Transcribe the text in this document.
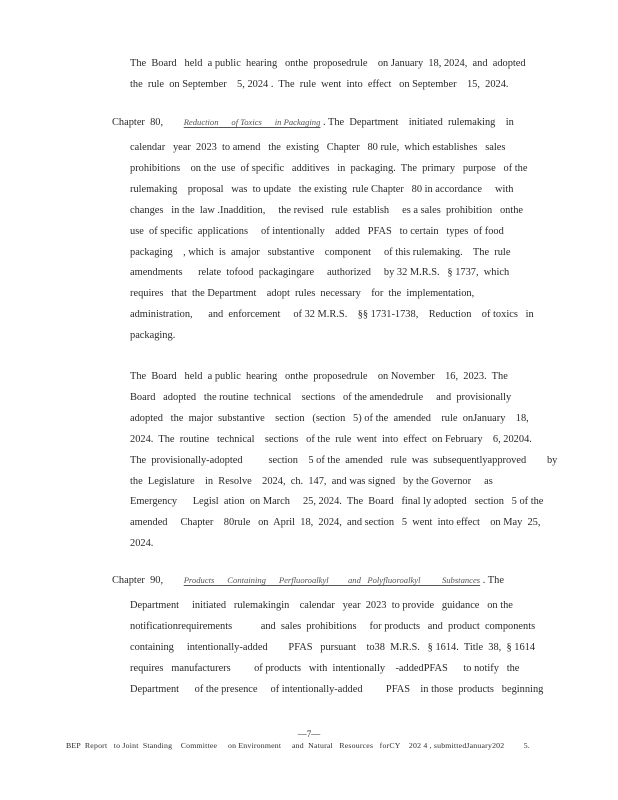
The  Board   held  a public  hearing   onthe  proposedrule    on January  18, 2024,  and  adopted
the  rule  on September    5, 2024 .  The  rule  went  into  effect   on September    15,  2024.

Chapter  80, Reduction      of Toxics      in Packaging . The  Department    initiated  rulemaking    in

calendar   year  2023  to amend   the  existing   Chapter   80 rule,  which establishes   sales
prohibitions    on the  use  of specific   additives   in  packaging.  The  primary   purpose   of the
rulemaking    proposal   was  to update   the existing  rule Chapter   80 in accordance     with
changes   in the  law .Inaddition,     the revised   rule  establish     es a sales  prohibition   onthe
use  of specific  applications     of intentionally    added   PFAS   to certain   types  of food
packaging    , which  is  amajor   substantive    component     of this rulemaking.    The  rule
amendments      relate  tofood  packagingare     authorized     by 32 M.R.S.   § 1737,  which
requires   that  the Department    adopt  rules  necessary    for  the  implementation,
administration,      and  enforcement     of 32 M.R.S.    §§ 1731-1738,    Reduction    of toxics   in
packaging.

The  Board   held  a public  hearing   onthe  proposedrule    on November    16,  2023.  The
Board   adopted   the routine  technical    sections   of the amendedrule     and  provisionally
adopted   the  major  substantive    section   (section   5) of the  amended    rule  onJanuary    18,
2024.  The  routine   technical    sections   of the  rule  went  into  effect  on February    6, 20204.
The  provisionally-adopted          section    5 of the  amended   rule  was  subsequentlyapproved        by
the  Legislature    in  Resolve    2024,  ch.  147,  and was signed   by the Governor     as
Emergency      Legisl  ation  on March     25, 2024.  The  Board   final ly adopted   section   5 of the
amended     Chapter    80rule   on  April  18,  2024,  and section   5  went  into effect    on May  25,
2024.

Chapter  90, Products      Containing      Perfluoroalkyl         and   Polyfluoroalkyl          Substances . The

Department     initiated   rulemakingin    calendar   year  2023  to provide   guidance   on the
notificationrequirements           and  sales  prohibitions     for products   and  product  components
containing     intentionally-added        PFAS   pursuant    to38  M.R.S.   § 1614.  Title  38,  § 1614
requires   manufacturers         of products   with  intentionally    -addedPFAS      to notify   the
Department      of the presence     of intentionally-added         PFAS    in those  products   beginning

—7—
BEP  Report   to Joint  Standing    Committee     on Environment     and  Natural   Resources   forCY    202 4 , submittedJanuary202         5.
